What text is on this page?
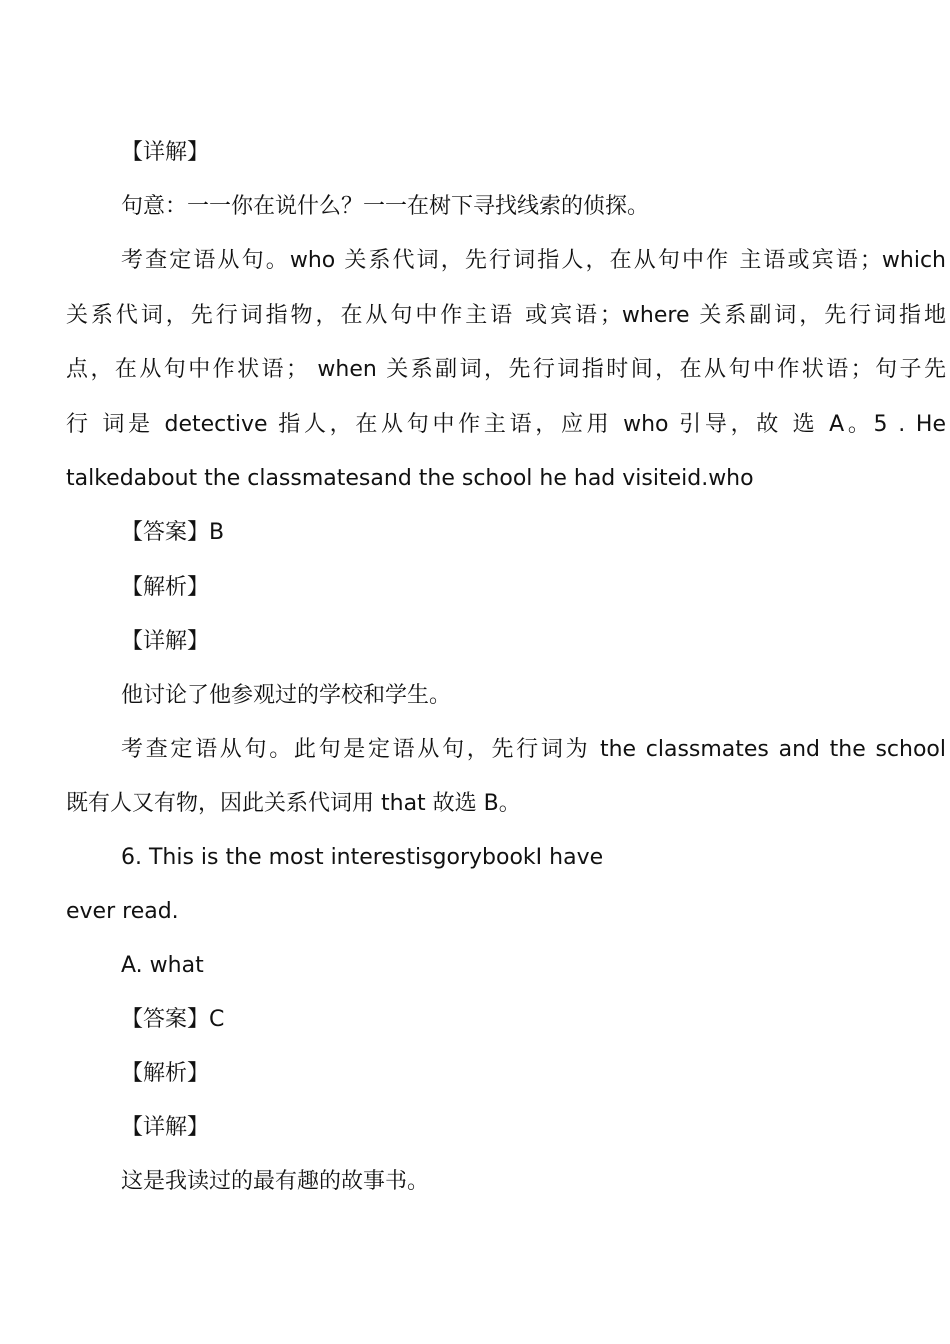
【详解】
句意：一一你在说什么？一一在树下寻找线索的侦探。
考查定语从句。who 关系代词，先行词指人，在从句中作 主语或宾语；which
关系代词，先行词指物，在从句中作主语 或宾语；where 关系副词，先行词指地
点，在从句中作状语； when 关系副词，先行词指时间，在从句中作状语；句子先
行 词是 detective 指人，在从句中作主语，应用 who 引导，故 选 A。5 . He
talkedabout the classmatesand the school he had visiteid.who
【答案】B
【解析】
【详解】
他讨论了他参观过的学校和学生。
考查定语从句。此句是定语从句，先行词为 the classmates and the school
既有人又有物，因此关系代词用 that 故选 B。
6. This is the most interestisgorybookI have
ever read.
A. what
【答案】C
【解析】
【详解】
这是我读过的最有趣的故事书。
